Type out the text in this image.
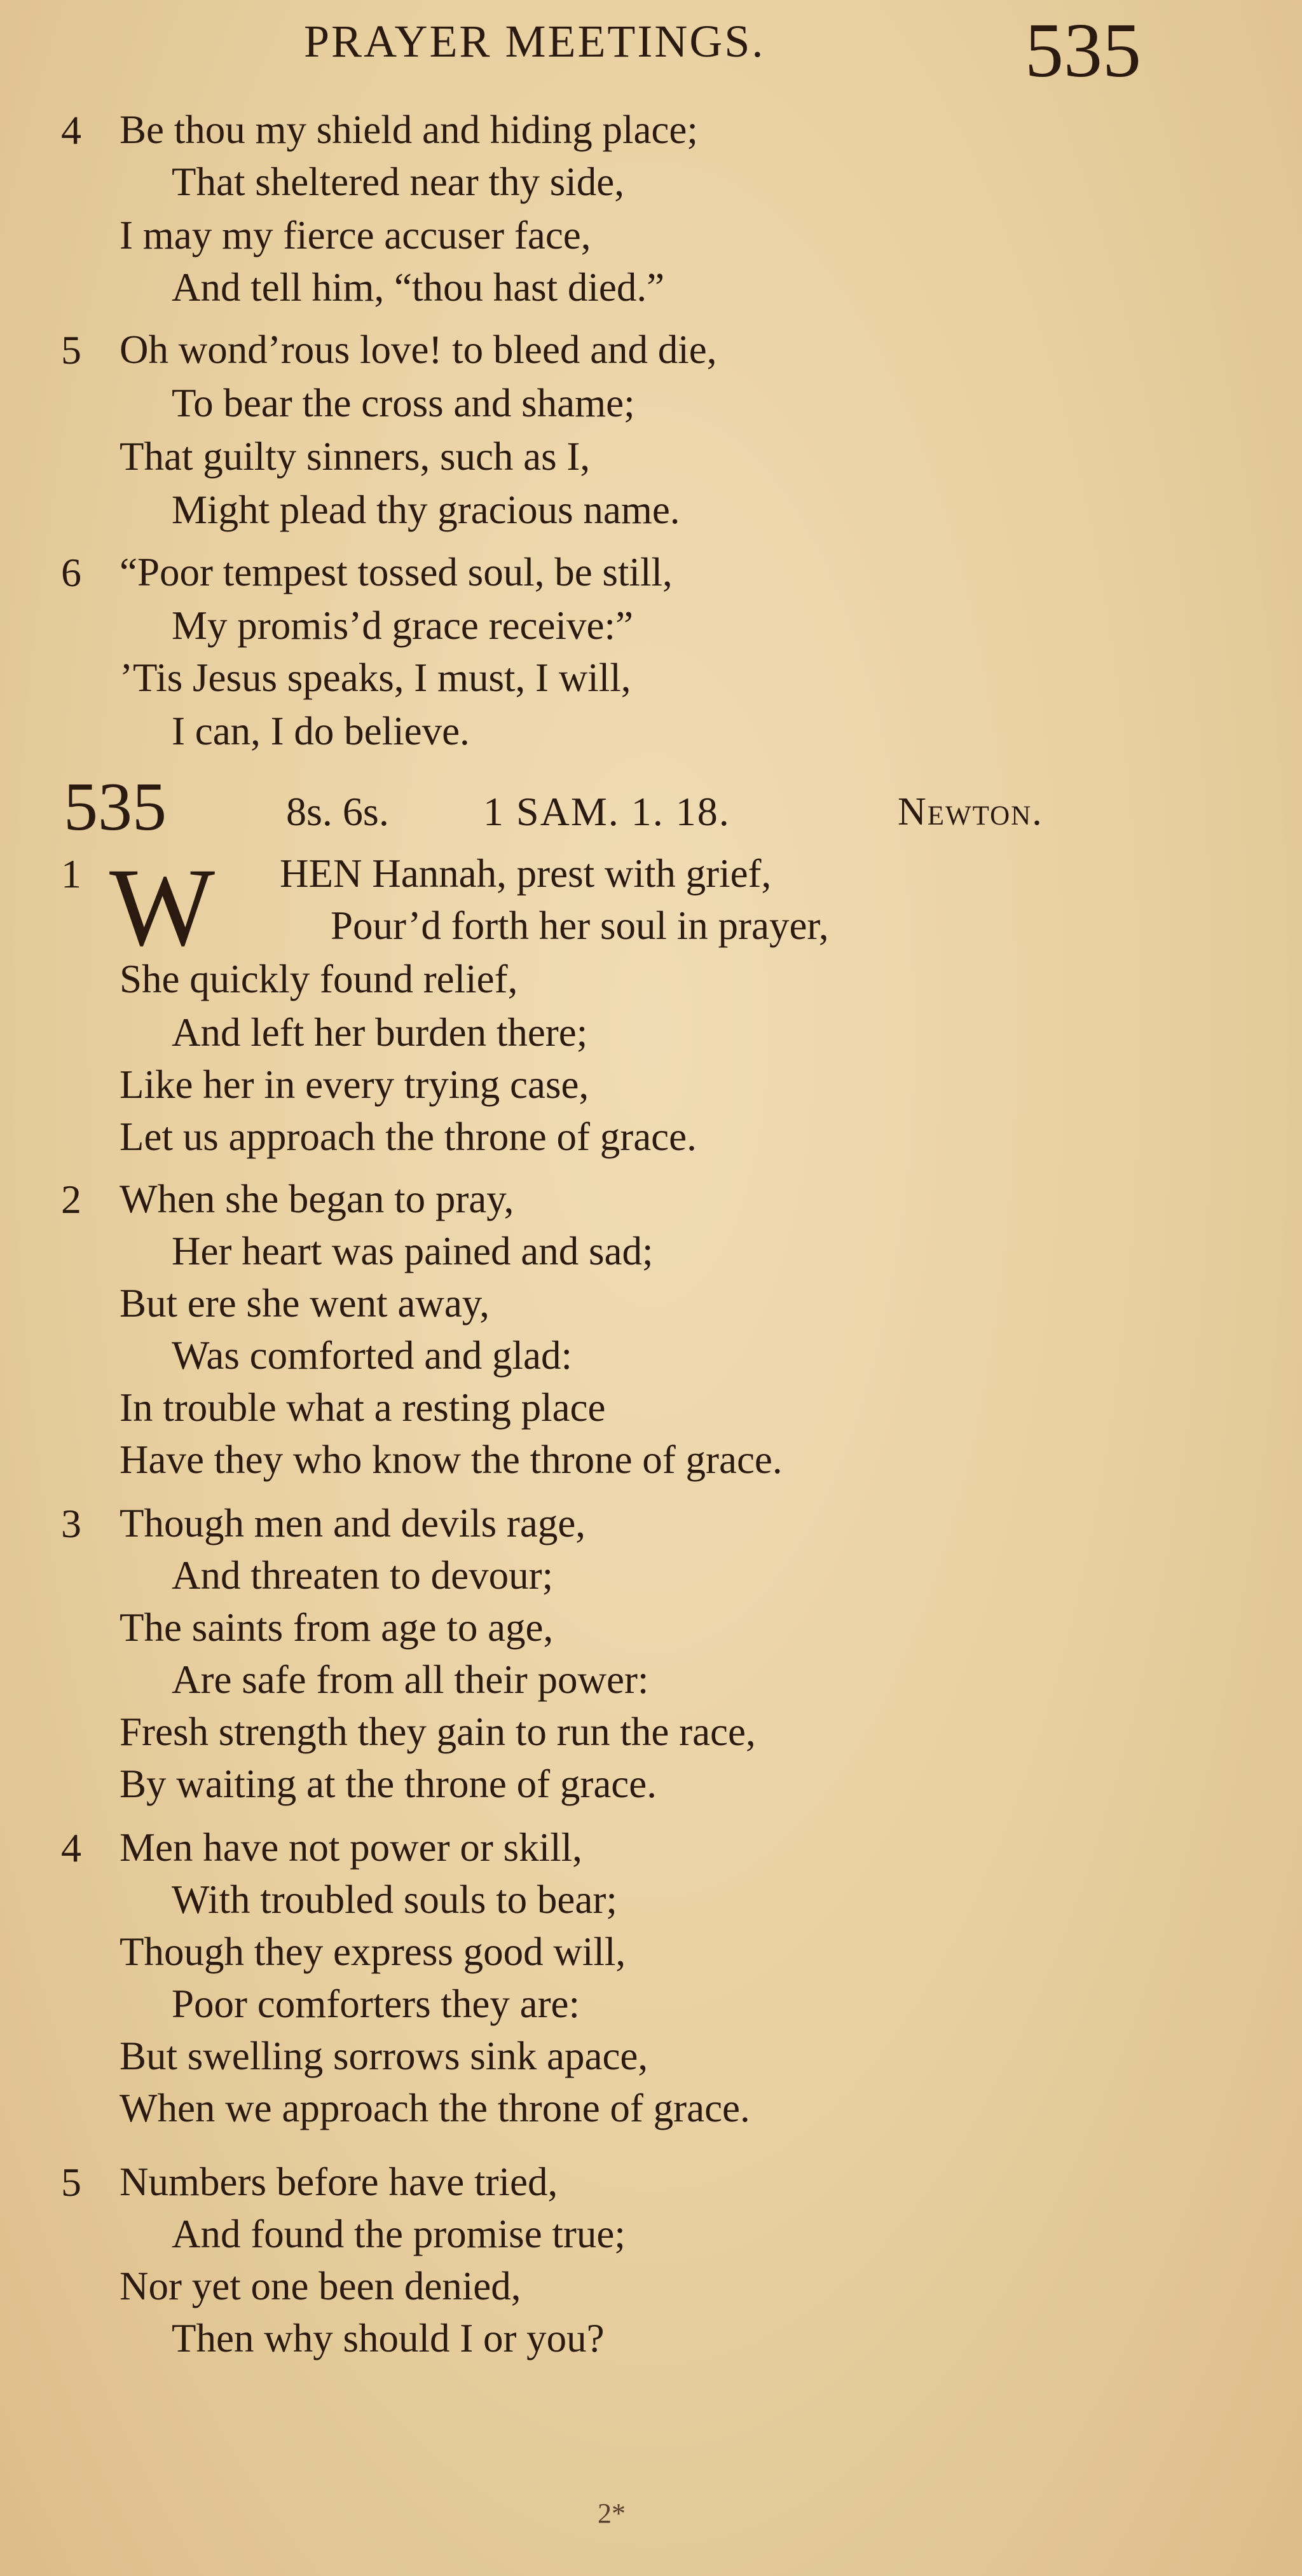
PRAYER MEETINGS.	535
4 Be thou my shield and hiding place;
That sheltered near thy side,
I may my fierce accuser face,
And tell him, “thou hast died.”
5 Oh wond’rous love! to bleed and die,
To bear the cross and shame;
That guilty sinners, such as I,
Might plead thy gracious name.
6 “Poor tempest tossed soul, be still,
My promis’d grace receive:”
’Tis Jesus speaks, I must, I will,
I can, I do believe.
535	8s. 6s. 1 SAM. 1. 18.	Newton.
1 W HEN Hannah, prest with grief,
Pour’d forth her soul in prayer,
She quickly found relief,
And left her burden there;
Like her in every trying case,
Let us approach the throne of grace.
2 When she began to pray,
Her heart was pained and sad;
But ere she went away,
Was comforted and glad:
In trouble what a resting place
Have they who know the throne of grace.
3 Though men and devils rage,
And threaten to devour;
The saints from age to age,
Are safe from all their power:
Fresh strength they gain to run the race,
By waiting at the throne of grace.
4 Men have not power or skill,
With troubled souls to bear;
Though they express good will,
Poor comforters they are:
But swelling sorrows sink apace,
When we approach the throne of grace.
5 Numbers before have tried,
And found the promise true;
Nor yet one been denied,
Then why should I or you?
2*
